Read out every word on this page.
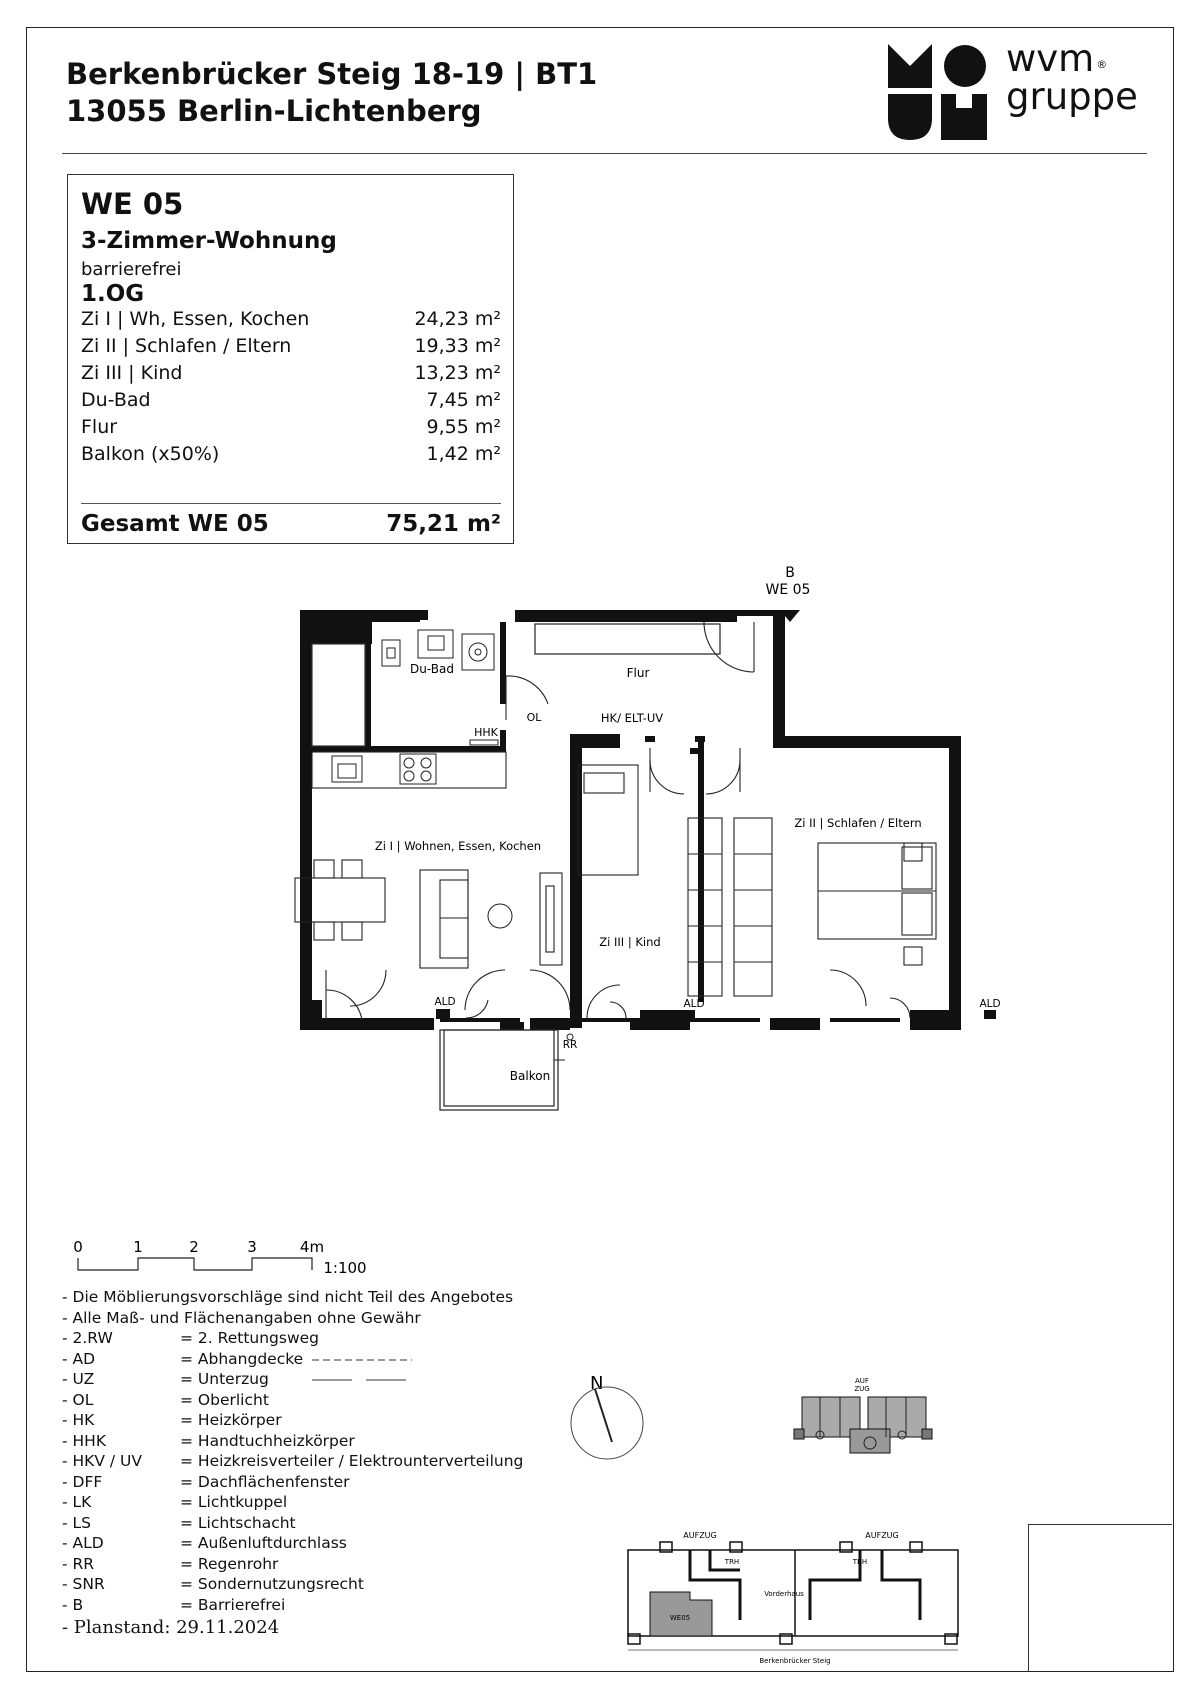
Berkenbrücker Steig 18-19 | BT1
13055 Berlin-Lichtenberg
wvm ®
gruppe
WE 05
3-Zimmer-Wohnung
barrierefrei
1.OG
Zi I | Wh, Essen, Kochen	24,23 m²
Zi II | Schlafen / Eltern	19,33 m²
Zi III | Kind	13,23 m²
Du-Bad	7,45 m²
Flur	9,55 m²
Balkon (x50%)	1,42 m²
Gesamt WE 05	75,21 m²
B
WE 05
Du-Bad
HHK
Flur
OL	HK/ ELT-UV
Zi I | Wohnen, Essen, Kochen
ALD
Zi III | Kind
ALD
Zi II | Schlafen / Eltern
ALD
RR
Balkon
0	1	2	3	4m
1:100
- Die Möblierungsvorschläge sind nicht Teil des Angebotes
- Alle Maß- und Flächenangaben ohne Gewähr
- 2.RW	= 2. Rettungsweg
- AD	= Abhangdecke
- UZ	= Unterzug
- OL	= Oberlicht
- HK	= Heizkörper
- HHK	= Handtuchheizkörper
- HKV / UV = Heizkreisverteiler / Elektrounterverteilung
- DFF	= Dachflächenfenster
- LK	= Lichtkuppel
- LS	= Lichtschacht
- ALD	= Außenluftdurchlass
- RR	= Regenrohr
- SNR	= Sondernutzungsrecht
- B	= Barrierefrei
- Planstand: 29.11.2024
N	AUF
ZUG
AUFZUG	AUFZUG
WE05
TRH	TRH
Vorderhaus
Berkenbrücker Steig
